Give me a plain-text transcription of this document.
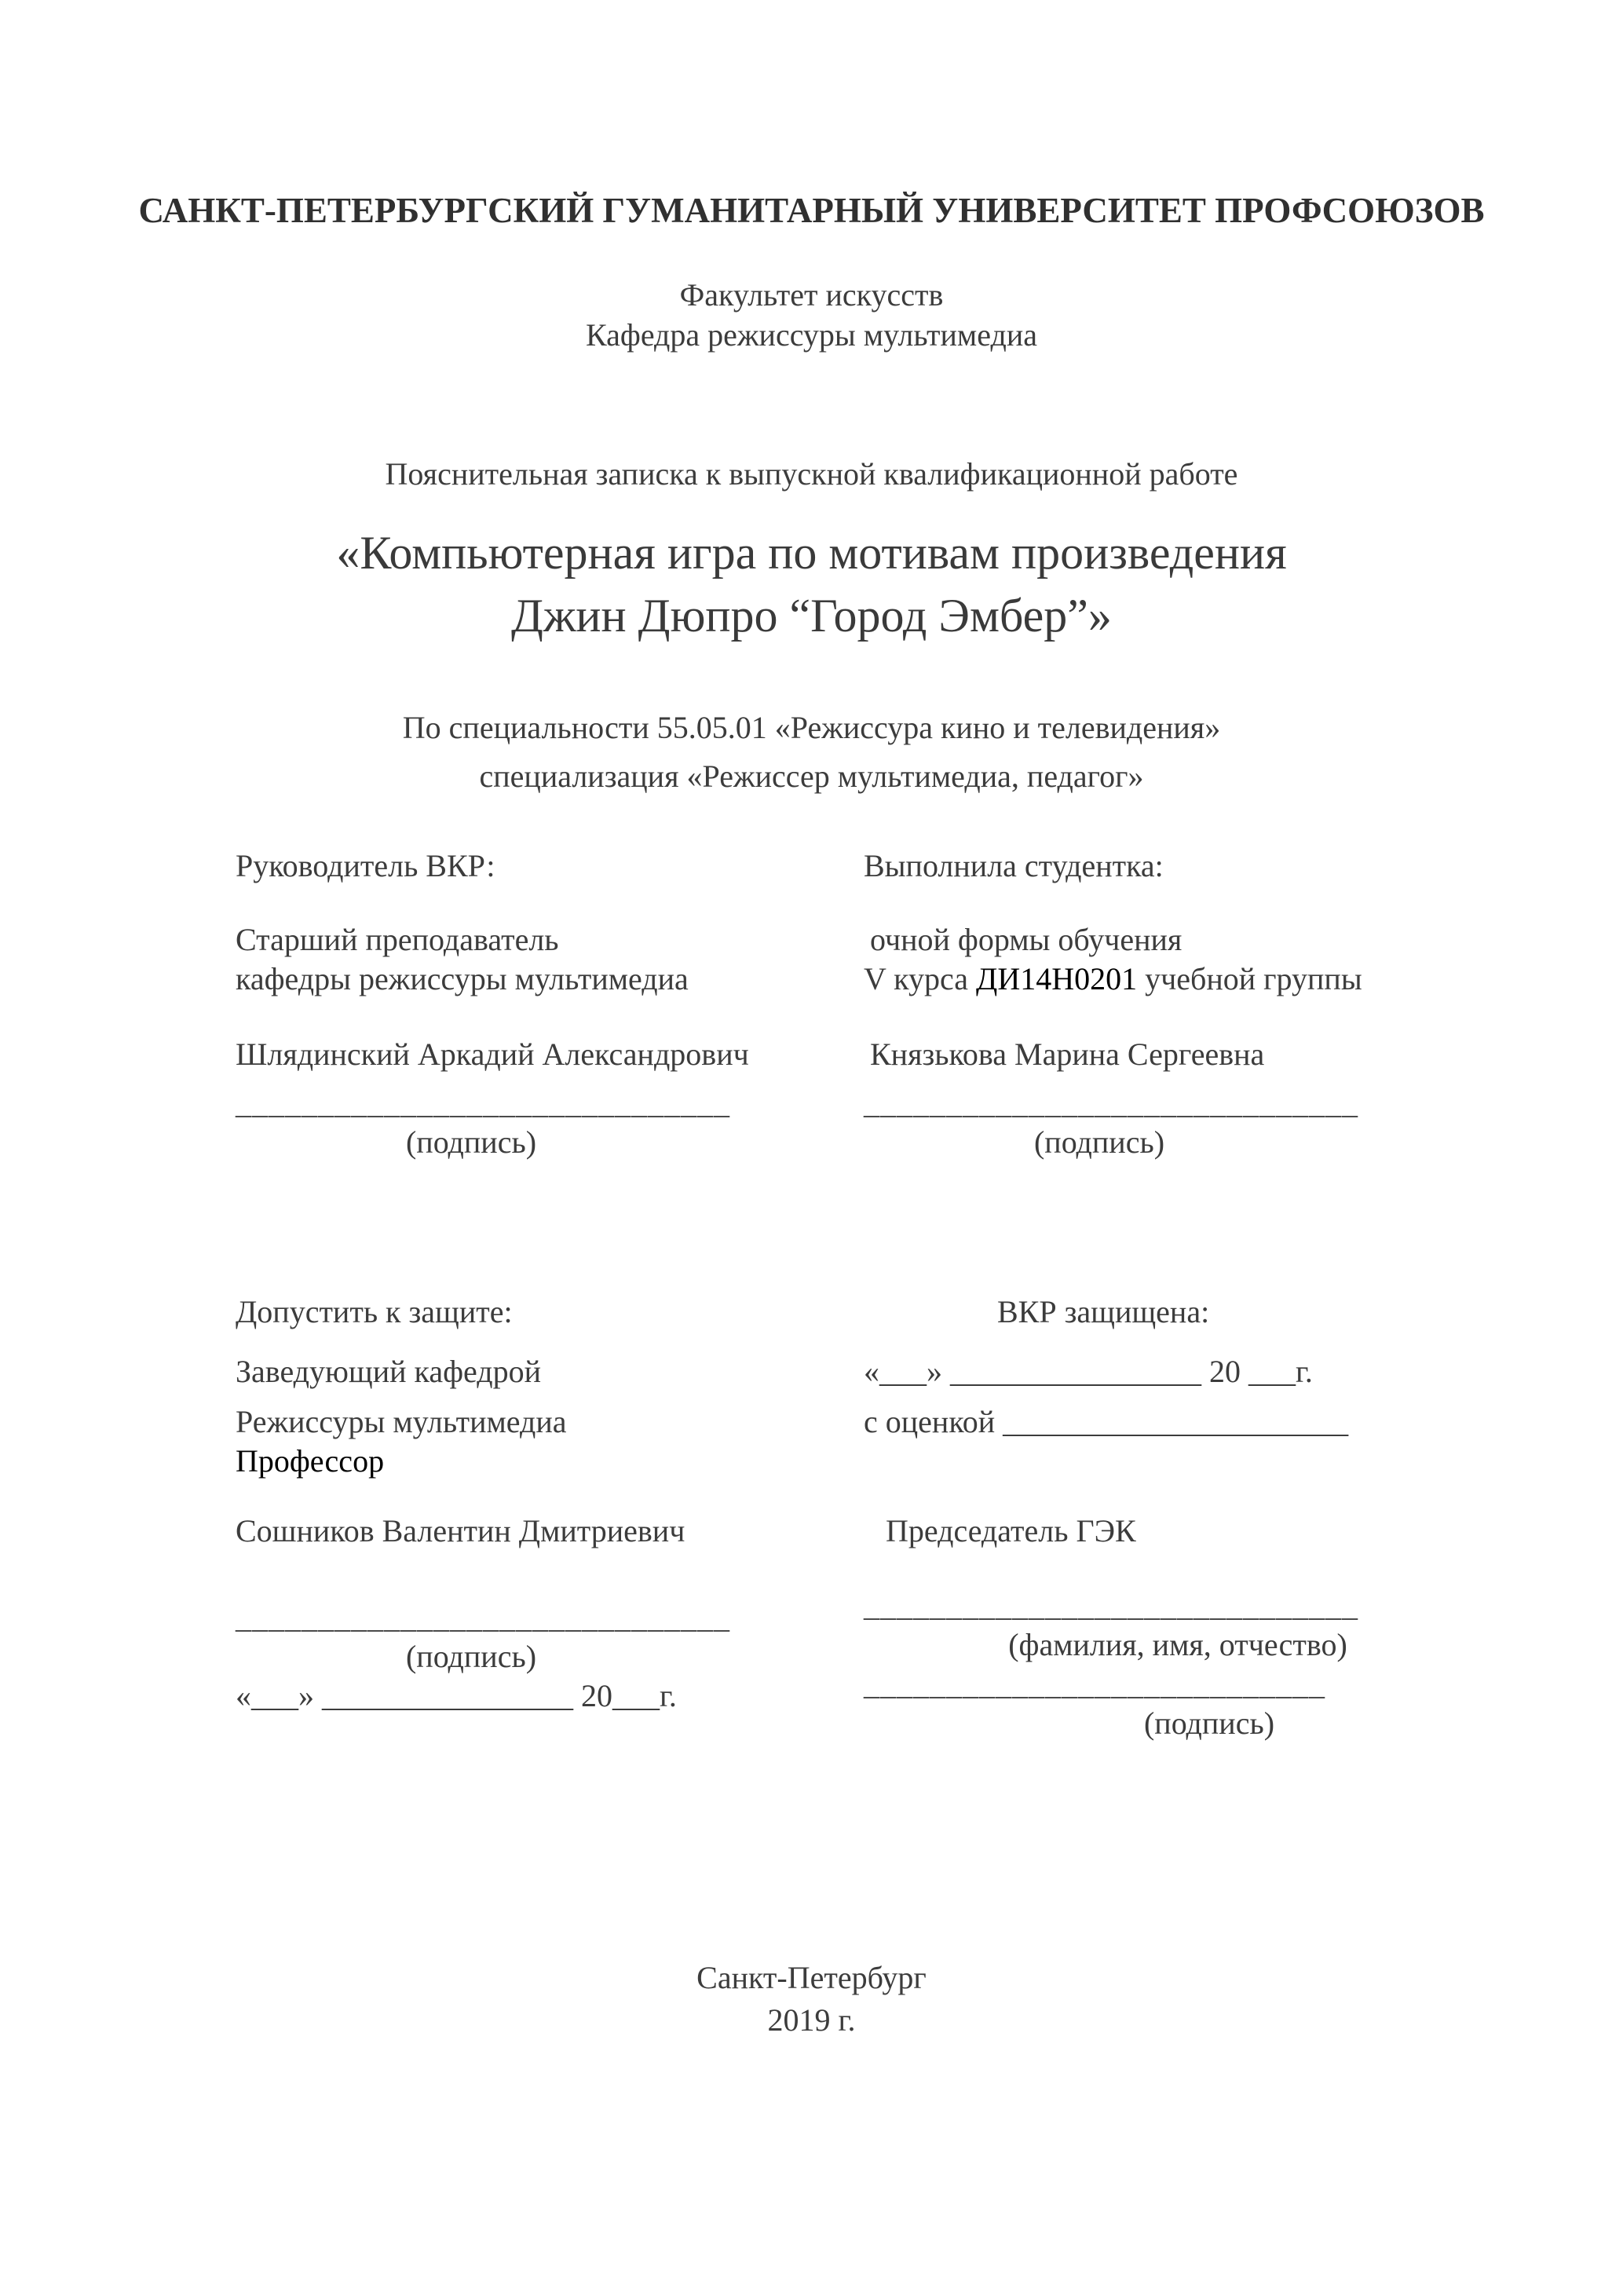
САНКТ-ПЕТЕРБУРГСКИЙ ГУМАНИТАРНЫЙ УНИВЕРСИТЕТ ПРОФСОЮЗОВ
Факультет искусств
Кафедра режиссуры мультимедиа
Пояснительная записка к выпускной квалификационной работе
«Компьютерная игра по мотивам произведения
Джин Дюпро “Город Эмбер”»
По специальности 55.05.01 «Режиссура кино и телевидения»
специализация «Режиссер мультимедиа, педагог»
Руководитель ВКР:
Старший преподаватель
кафедры режиссуры мультимедиа
Шлядинский Аркадий Александрович
______________________________
(подпись)
Выполнила студентка:
очной формы обучения
V курса ДИ14Н0201 учебной группы
Князькова Марина Сергеевна
______________________________
(подпись)
Допустить к защите:
Заведующий кафедрой
Режиссуры мультимедиа
Профессор
Сошников Валентин Дмитриевич
______________________________
(подпись)
«___» ________________ 20___г.
ВКР защищена:
«___» ________________ 20 ___г.
с оценкой ______________________
Председатель ГЭК
______________________________
(фамилия, имя, отчество)
____________________________
(подпись)
Санкт-Петербург
2019 г.
